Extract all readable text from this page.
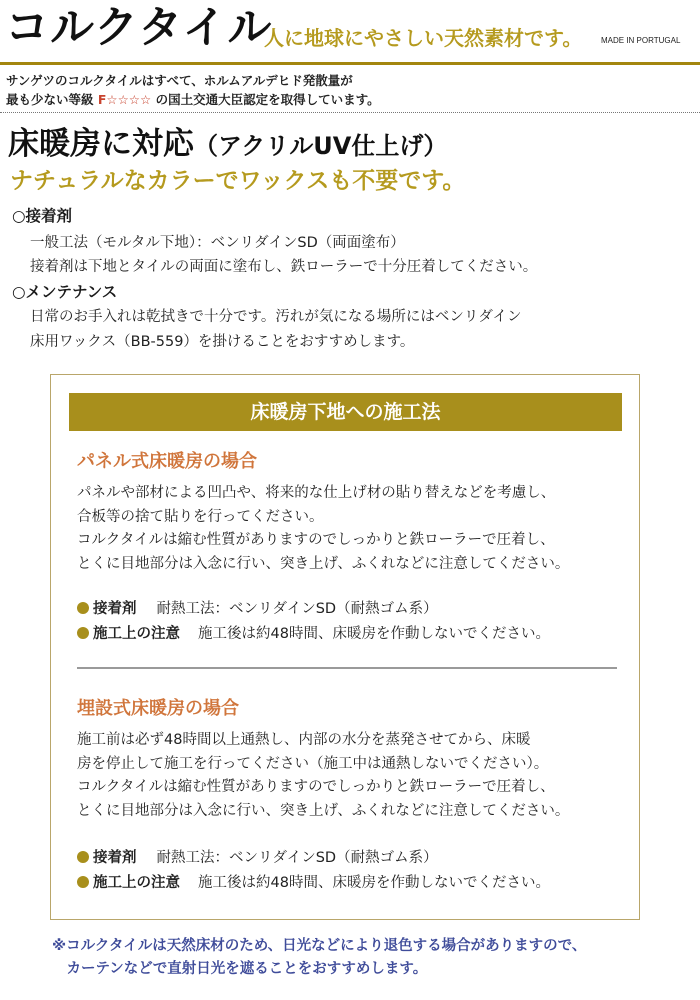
コルクタイル
人に地球にやさしい天然素材です。 MADE IN PORTUGAL
サンゲツのコルクタイルはすべて、ホルムアルデヒド発散量が
最も少ない等級 F☆☆☆☆ の国土交通大臣認定を取得しています。
床暖房に対応（アクリルUV仕上げ）
ナチュラルなカラーでワックスも不要です。
○接着剤
一般工法（モルタル下地）：ベンリダインSD（両面塗布）
接着剤は下地とタイルの両面に塗布し、鉄ローラーで十分圧着してください。
○メンテナンス
日常のお手入れは乾拭きで十分です。汚れが気になる場所にはベンリダイン
床用ワックス（BB-559）を掛けることをおすすめします。
床暖房下地への施工法
パネル式床暖房の場合
パネルや部材による凹凸や、将来的な仕上げ材の貼り替えなどを考慮し、
合板等の捨て貼りを行ってください。
コルクタイルは縮む性質がありますのでしっかりと鉄ローラーで圧着し、
とくに目地部分は入念に行い、突き上げ、ふくれなどに注意してください。
接着剤 耐熱工法：ベンリダインSD（耐熱ゴム系）
施工上の注意 施工後は約48時間、床暖房を作動しないでください。
埋設式床暖房の場合
施工前は必ず48時間以上通熱し、内部の水分を蒸発させてから、床暖
房を停止して施工を行ってください（施工中は通熱しないでください）。
コルクタイルは縮む性質がありますのでしっかりと鉄ローラーで圧着し、
とくに目地部分は入念に行い、突き上げ、ふくれなどに注意してください。
接着剤 耐熱工法：ベンリダインSD（耐熱ゴム系）
施工上の注意 施工後は約48時間、床暖房を作動しないでください。
※コルクタイルは天然床材のため、日光などにより退色する場合がありますので、
　カーテンなどで直射日光を遮ることをおすすめします。
